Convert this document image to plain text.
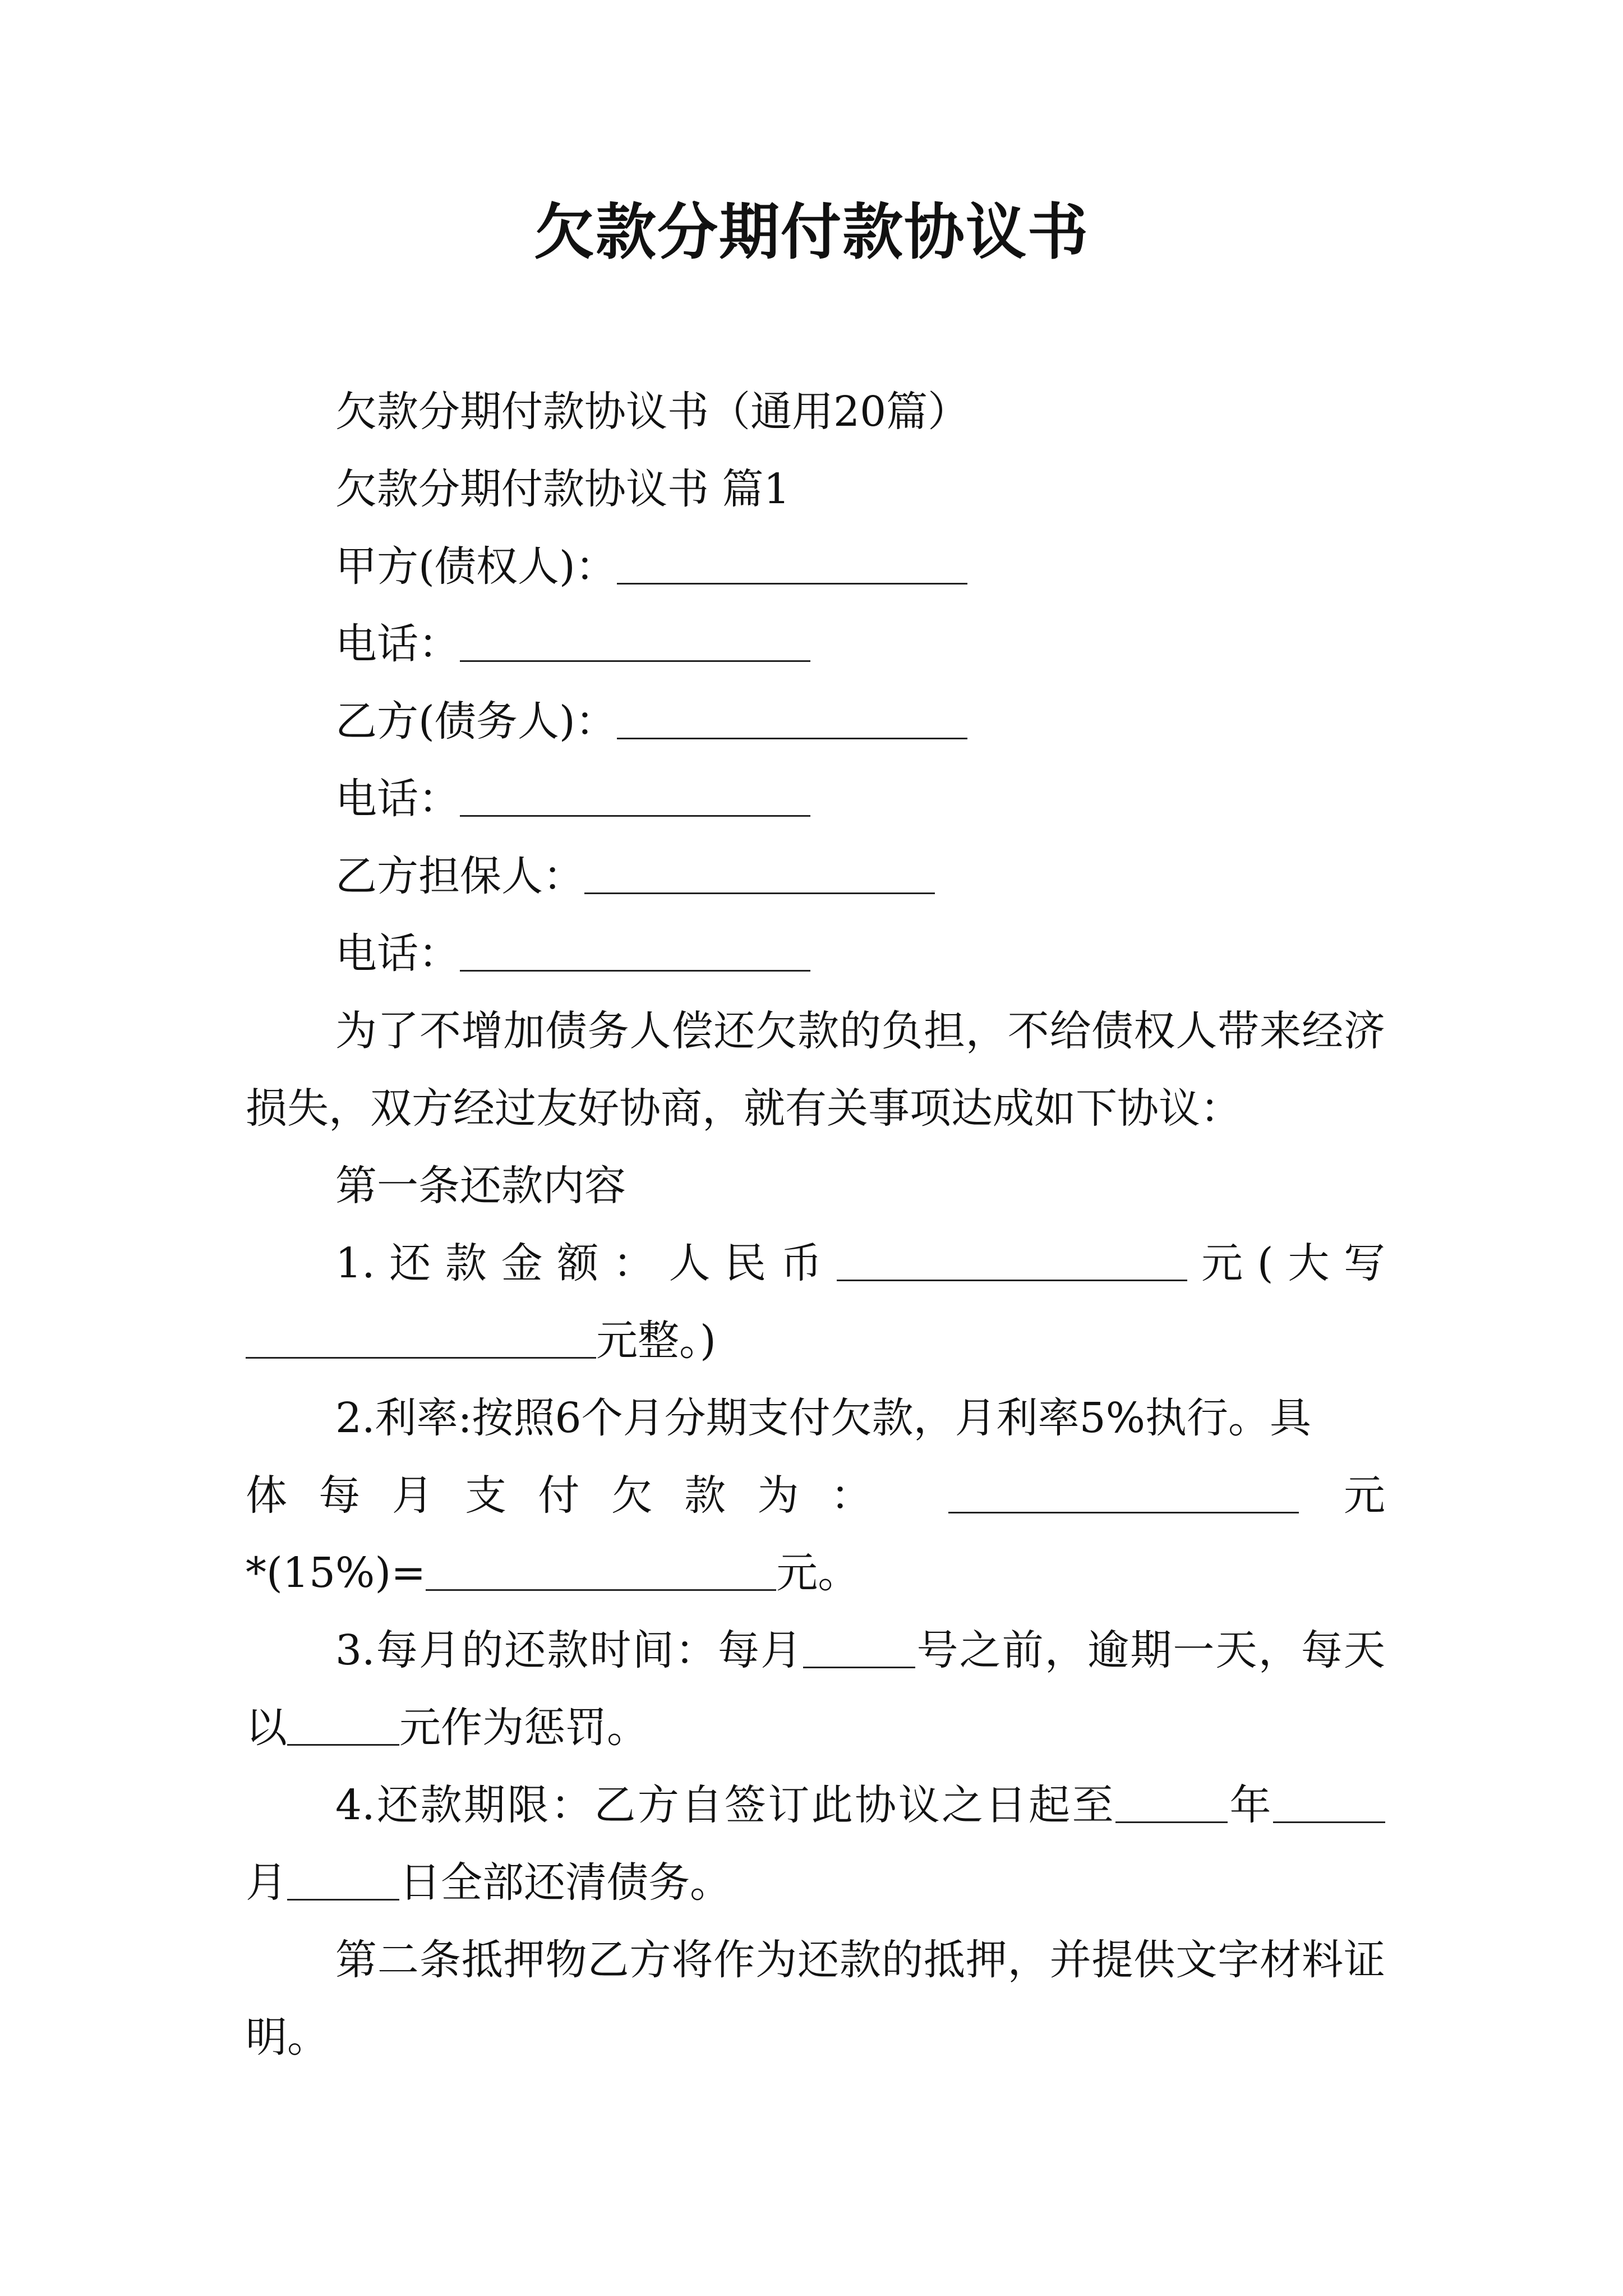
欠款分期付款协议书

欠款分期付款协议书（通用20篇）

欠款分期付款协议书 篇1

甲方(债权人)：

电话：

乙方(债务人)：

电话：

乙方担保人：

电话：

为了不增加债务人偿还欠款的负担，不给债权人带来经济损失，双方经过友好协商，就有关事项达成如下协议：

第一条还款内容

1.还款金额：人民币	元(大写元整。)

2.利率:按照6个月分期支付欠款，月利率5%执行。具

体每月支付欠款为：	元

*(15%)=	元。

3.每月的还款时间：每月	号之前，逾期一天，每天以	元作为惩罚。

4.还款期限：乙方自签订此协议之日起至	年月	日全部还清债务。

第二条抵押物乙方将作为还款的抵押，并提供文字材料证明。
